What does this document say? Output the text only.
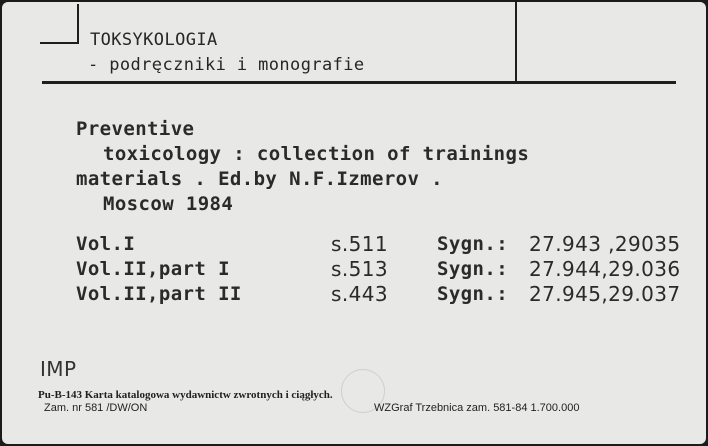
TOKSYKOLOGIA
- podręczniki i monografie
Preventive
toxicology : collection of trainings
materials . Ed.by N.F.Izmerov .
Moscow 1984
Vol.I	s.511	Sygn.: 27.943 ,29035
Vol.II,part I	s.513	Sygn.: 27.944,29.036
Vol.II,part II	s.443	Sygn.: 27.945,29.037
IMP
Pu-B-143 Karta katalogowa wydawnictw zwrotnych i ciągłych.
Zam. nr 581 /DW/ON	WZGraf Trzebnica zam. 581-84 1.700.000
